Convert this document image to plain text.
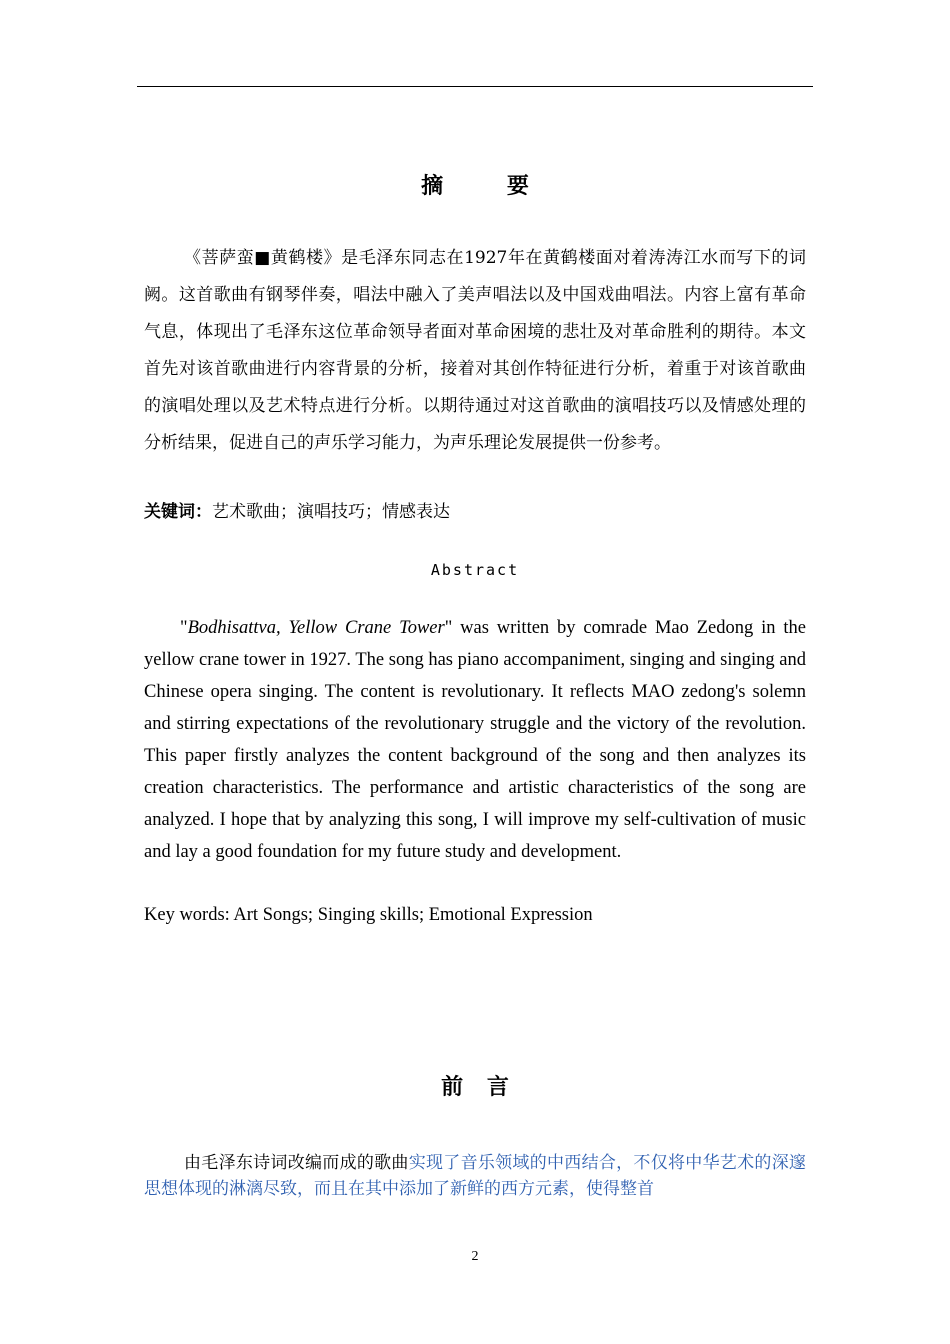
摘 要

《菩萨蛮■黄鹤楼》是毛泽东同志在1927年在黄鹤楼面对着涛涛江水而写下的词阙。这首歌曲有钢琴伴奏，唱法中融入了美声唱法以及中国戏曲唱法。内容上富有革命气息，体现出了毛泽东这位革命领导者面对革命困境的悲壮及对革命胜利的期待。本文首先对该首歌曲进行内容背景的分析，接着对其创作特征进行分析，着重于对该首歌曲的演唱处理以及艺术特点进行分析。以期待通过对这首歌曲的演唱技巧以及情感处理的分析结果，促进自己的声乐学习能力，为声乐理论发展提供一份参考。

关键词：艺术歌曲；演唱技巧；情感表达
Abstract

"Bodhisattva, Yellow Crane Tower" was written by comrade Mao Zedong in the yellow crane tower in 1927. The song has piano accompaniment, singing and singing and Chinese opera singing. The content is revolutionary. It reflects MAO zedong's solemn and stirring expectations of the revolutionary struggle and the victory of the revolution. This paper firstly analyzes the content background of the song and then analyzes its creation characteristics. The performance and artistic characteristics of the song are analyzed. I hope that by analyzing this song, I will improve my self-cultivation of music and lay a good foundation for my future study and development.

Key words: Art Songs; Singing skills; Emotional Expression
前 言

由毛泽东诗词改编而成的歌曲实现了音乐领域的中西结合，不仅将中华艺术的深邃思想体现的淋漓尽致，而且在其中添加了新鲜的西方元素，使得整首

2
